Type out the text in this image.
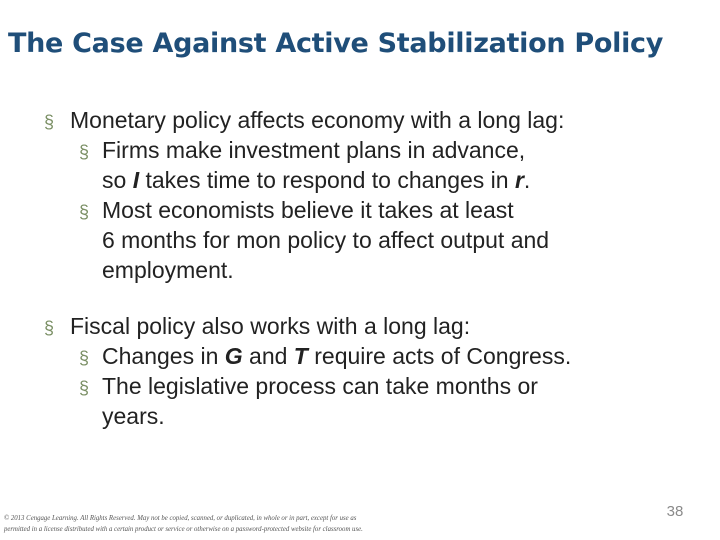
The Case Against Active Stabilization Policy
§ Monetary policy affects economy with a long lag:
§ Firms make investment plans in advance,
so I takes time to respond to changes in r.
§ Most economists believe it takes at least
6 months for mon policy to affect output and
employment.
§ Fiscal policy also works with a long lag:
§ Changes in G and T require acts of Congress.
§ The legislative process can take months or
years.
© 2013 Cengage Learning. All Rights Reserved. May not be copied, scanned, or duplicated, in whole or in part, except for use as
permitted in a license distributed with a certain product or service or otherwise on a password-protected website for classroom use.
38
